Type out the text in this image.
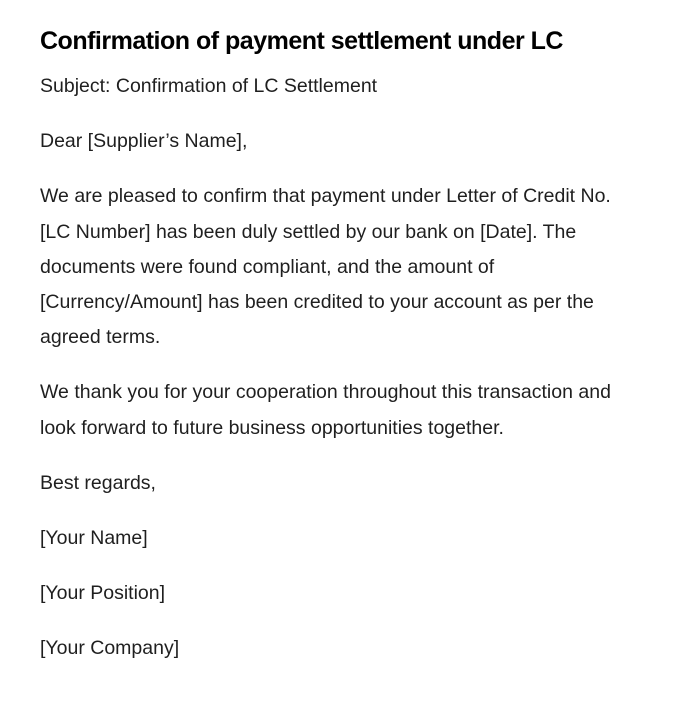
Confirmation of payment settlement under LC

Subject: Confirmation of LC Settlement

Dear [Supplier’s Name],

We are pleased to confirm that payment under Letter of Credit No. [LC Number] has been duly settled by our bank on [Date]. The documents were found compliant, and the amount of [Currency/Amount] has been credited to your account as per the agreed terms.

We thank you for your cooperation throughout this transaction and look forward to future business opportunities together.

Best regards,

[Your Name]

[Your Position]

[Your Company]
